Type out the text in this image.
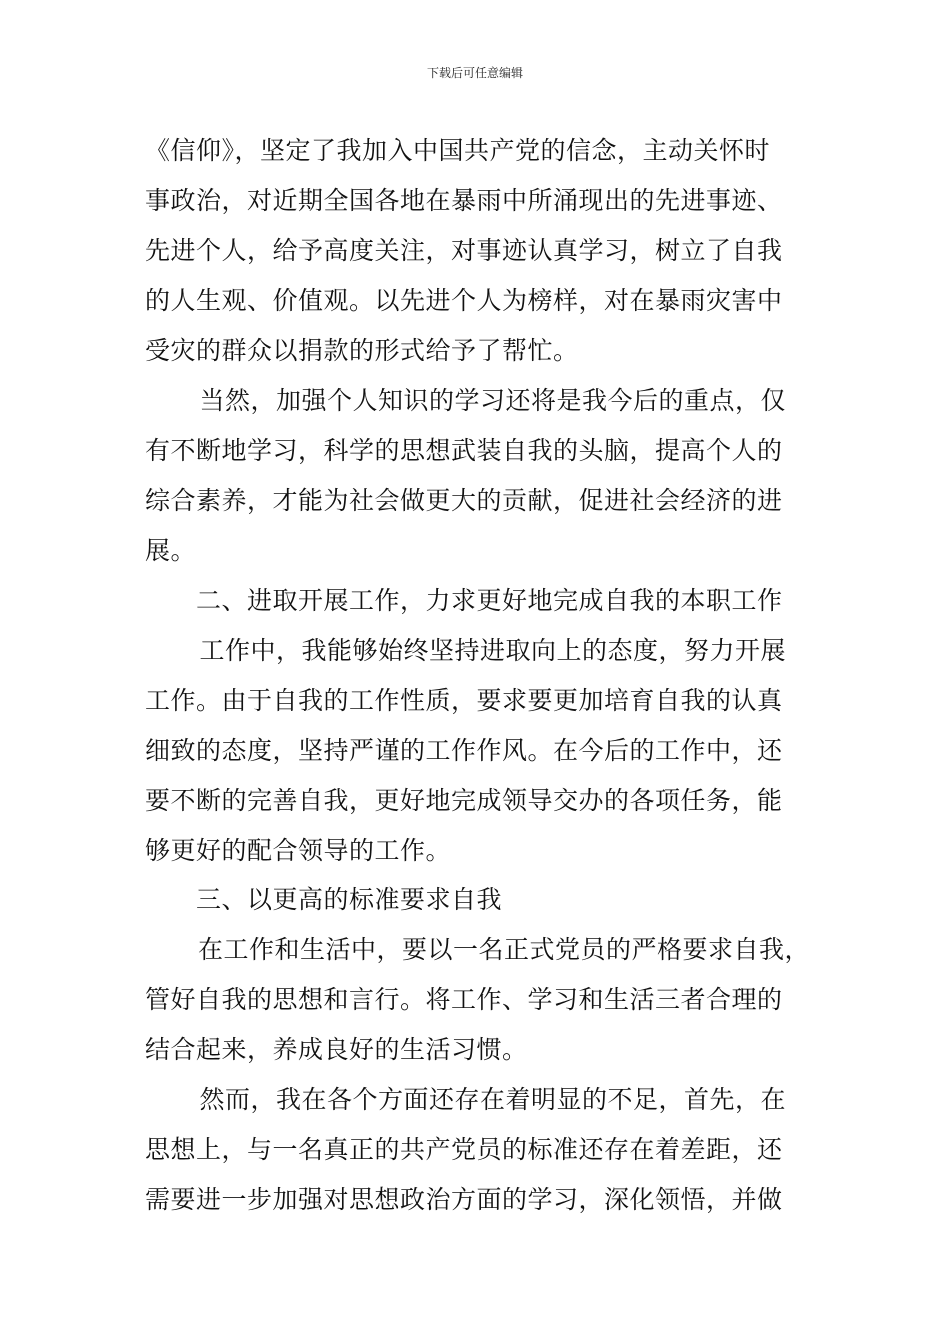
下载后可任意编辑
《信仰》，坚定了我加入中国共产党的信念，主动关怀时
事政治，对近期全国各地在暴雨中所涌现出的先进事迹、
先进个人，给予高度关注，对事迹认真学习，树立了自我
的人生观、价值观。以先进个人为榜样，对在暴雨灾害中
受灾的群众以捐款的形式给予了帮忙。
　当然，加强个人知识的学习还将是我今后的重点，仅
有不断地学习，科学的思想武装自我的头脑，提高个人的
综合素养，才能为社会做更大的贡献，促进社会经济的进
展。
二、进取开展工作，力求更好地完成自我的本职工作
　工作中，我能够始终坚持进取向上的态度，努力开展
工作。由于自我的工作性质，要求要更加培育自我的认真
细致的态度，坚持严谨的工作作风。在今后的工作中，还
要不断的完善自我，更好地完成领导交办的各项任务，能
够更好的配合领导的工作。
三、以更高的标准要求自我
在工作和生活中，要以一名正式党员的严格要求自我，
管好自我的思想和言行。将工作、学习和生活三者合理的
结合起来，养成良好的生活习惯。
　然而，我在各个方面还存在着明显的不足，首先，在
思想上，与一名真正的共产党员的标准还存在着差距，还
需要进一步加强对思想政治方面的学习，深化领悟，并做
